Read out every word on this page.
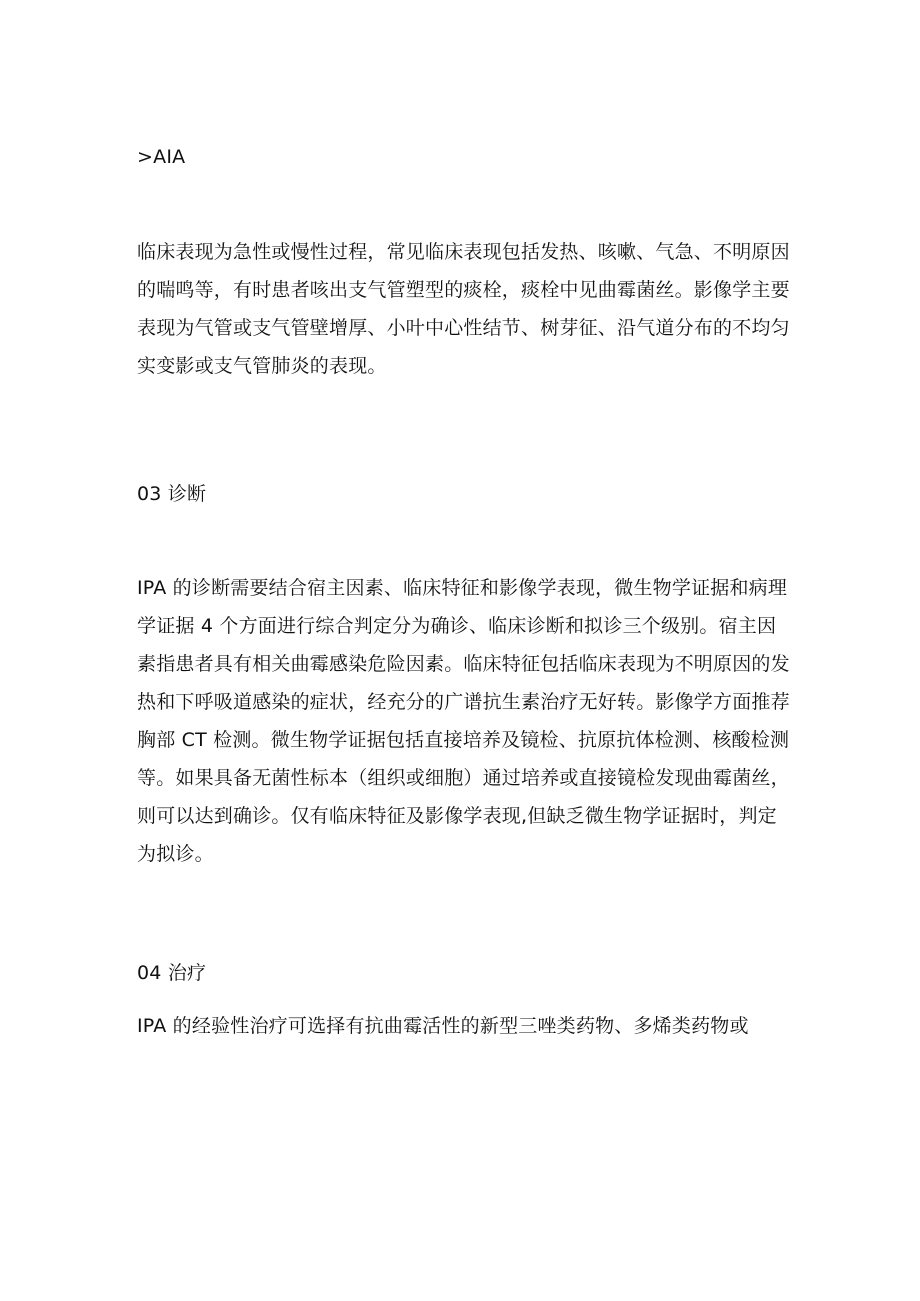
>AIA

临床表现为急性或慢性过程，常见临床表现包括发热、咳嗽、气急、不明原因的喘鸣等，有时患者咳出支气管塑型的痰栓，痰栓中见曲霉菌丝。影像学主要表现为气管或支气管壁增厚、小叶中心性结节、树芽征、沿气道分布的不均匀实变影或支气管肺炎的表现。

03 诊断

IPA 的诊断需要结合宿主因素、临床特征和影像学表现，微生物学证据和病理学证据 4 个方面进行综合判定分为确诊、临床诊断和拟诊三个级别。宿主因素指患者具有相关曲霉感染危险因素。临床特征包括临床表现为不明原因的发热和下呼吸道感染的症状，经充分的广谱抗生素治疗无好转。影像学方面推荐胸部 CT 检测。微生物学证据包括直接培养及镜检、抗原抗体检测、核酸检测等。如果具备无菌性标本（组织或细胞）通过培养或直接镜检发现曲霉菌丝，则可以达到确诊。仅有临床特征及影像学表现,但缺乏微生物学证据时，判定为拟诊。

04 治疗

IPA 的经验性治疗可选择有抗曲霉活性的新型三唑类药物、多烯类药物或
